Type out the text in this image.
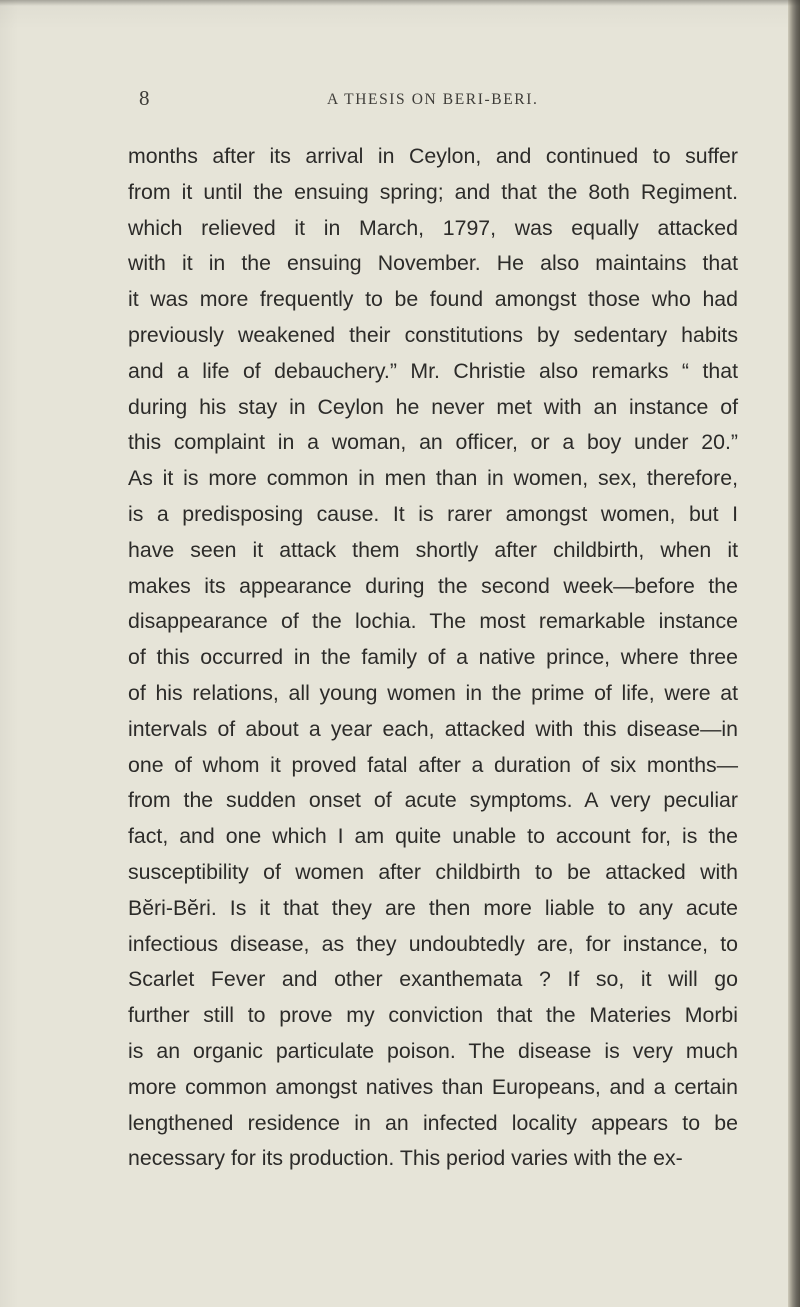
8	A THESIS ON BERI-BERI.
months after its arrival in Ceylon, and continued to suffer
from it until the ensuing spring; and that the 8oth Regiment.
which relieved it in March, 1797, was equally attacked
with it in the ensuing November. He also maintains that
it was more frequently to be found amongst those who had
previously weakened their constitutions by sedentary habits
and a life of debauchery.” Mr. Christie also remarks “ that
during his stay in Ceylon he never met with an instance of
this complaint in a woman, an officer, or a boy under 20.”
As it is more common in men than in women, sex, therefore,
is a predisposing cause. It is rarer amongst women, but I
have seen it attack them shortly after childbirth, when it
makes its appearance during the second week—before the
disappearance of the lochia. The most remarkable instance
of this occurred in the family of a native prince, where three
of his relations, all young women in the prime of life, were at
intervals of about a year each, attacked with this disease—in
one of whom it proved fatal after a duration of six months—
from the sudden onset of acute symptoms. A very peculiar
fact, and one which I am quite unable to account for, is the
susceptibility of women after childbirth to be attacked with
Bĕri-Bĕri. Is it that they are then more liable to any acute
infectious disease, as they undoubtedly are, for instance, to
Scarlet Fever and other exanthemata ? If so, it will go
further still to prove my conviction that the Materies Morbi
is an organic particulate poison. The disease is very much
more common amongst natives than Europeans, and a certain
lengthened residence in an infected locality appears to be
necessary for its production. This period varies with the ex-
